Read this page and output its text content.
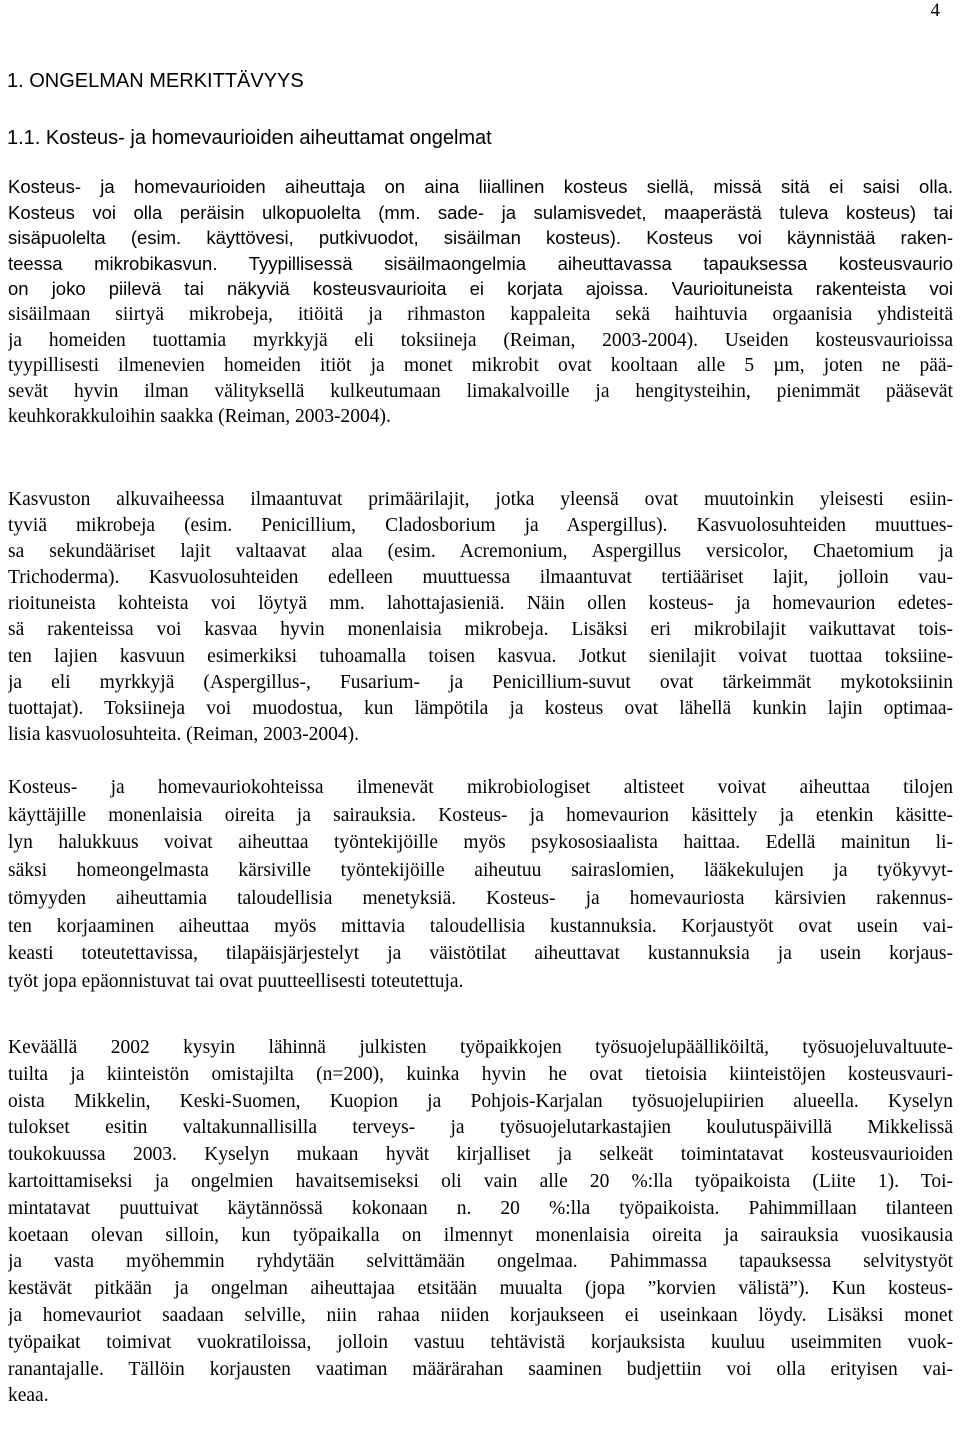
4
1. ONGELMAN MERKITTÄVYYS
1.1. Kosteus- ja homevaurioiden aiheuttamat ongelmat
Kosteus- ja homevaurioiden aiheuttaja on aina liiallinen kosteus siellä, missä sitä ei saisi olla.
Kosteus voi olla peräisin ulkopuolelta (mm. sade- ja sulamisvedet, maaperästä tuleva kosteus) tai
sisäpuolelta (esim. käyttövesi, putkivuodot, sisäilman kosteus). Kosteus voi käynnistää raken-
teessa mikrobikasvun. Tyypillisessä sisäilmaongelmia aiheuttavassa tapauksessa kosteusvaurio
on joko piilevä tai näkyviä kosteusvaurioita ei korjata ajoissa. Vaurioituneista rakenteista voi
sisäilmaan siirtyä mikrobeja, itiöitä ja rihmaston kappaleita sekä haihtuvia orgaanisia yhdisteitä
ja homeiden tuottamia myrkkyjä eli toksiineja (Reiman, 2003-2004). Useiden kosteusvaurioissa
tyypillisesti ilmenevien homeiden itiöt ja monet mikrobit ovat kooltaan alle 5 µm, joten ne pää-
sevät hyvin ilman välityksellä kulkeutumaan limakalvoille ja hengitysteihin, pienimmät pääsevät
keuhkorakkuloihin saakka (Reiman, 2003-2004).
Kasvuston alkuvaiheessa ilmaantuvat primäärilajit, jotka yleensä ovat muutoinkin yleisesti esiin-
tyviä mikrobeja (esim. Penicillium, Cladosborium ja Aspergillus). Kasvuolosuhteiden muuttues-
sa sekundääriset lajit valtaavat alaa (esim. Acremonium, Aspergillus versicolor, Chaetomium ja
Trichoderma). Kasvuolosuhteiden edelleen muuttuessa ilmaantuvat tertiääriset lajit, jolloin vau-
rioituneista kohteista voi löytyä mm. lahottajasieniä. Näin ollen kosteus- ja homevaurion edetes-
sä rakenteissa voi kasvaa hyvin monenlaisia mikrobeja. Lisäksi eri mikrobilajit vaikuttavat tois-
ten lajien kasvuun esimerkiksi tuhoamalla toisen kasvua. Jotkut sienilajit voivat tuottaa toksiine-
ja eli myrkkyjä (Aspergillus-, Fusarium- ja Penicillium-suvut ovat tärkeimmät mykotoksiinin
tuottajat). Toksiineja voi muodostua, kun lämpötila ja kosteus ovat lähellä kunkin lajin optimaa-
lisia kasvuolosuhteita. (Reiman, 2003-2004).
Kosteus- ja homevauriokohteissa ilmenevät mikrobiologiset altisteet voivat aiheuttaa tilojen
käyttäjille monenlaisia oireita ja sairauksia. Kosteus- ja homevaurion käsittely ja etenkin käsitte-
lyn halukkuus voivat aiheuttaa työntekijöille myös psykososiaalista haittaa. Edellä mainitun li-
säksi homeongelmasta kärsiville työntekijöille aiheutuu sairaslomien, lääkekulujen ja työkyvyt-
tömyyden aiheuttamia taloudellisia menetyksiä. Kosteus- ja homevauriosta kärsivien rakennus-
ten korjaaminen aiheuttaa myös mittavia taloudellisia kustannuksia. Korjaustyöt ovat usein vai-
keasti toteutettavissa, tilapäisjärjestelyt ja väistötilat aiheuttavat kustannuksia ja usein korjaus-
työt jopa epäonnistuvat tai ovat puutteellisesti toteutettuja.
Keväällä 2002 kysyin lähinnä julkisten työpaikkojen työsuojelupäälliköiltä, työsuojeluvaltuute-
tuilta ja kiinteistön omistajilta (n=200), kuinka hyvin he ovat tietoisia kiinteistöjen kosteusvauri-
oista Mikkelin, Keski-Suomen, Kuopion ja Pohjois-Karjalan työsuojelupiirien alueella. Kyselyn
tulokset esitin valtakunnallisilla terveys- ja työsuojelutarkastajien koulutuspäivillä Mikkelissä
toukokuussa 2003. Kyselyn mukaan hyvät kirjalliset ja selkeät toimintatavat kosteusvaurioiden
kartoittamiseksi ja ongelmien havaitsemiseksi oli vain alle 20 %:lla työpaikoista (Liite 1). Toi-
mintatavat puuttuivat käytännössä kokonaan n. 20 %:lla työpaikoista. Pahimmillaan tilanteen
koetaan olevan silloin, kun työpaikalla on ilmennyt monenlaisia oireita ja sairauksia vuosikausia
ja vasta myöhemmin ryhdytään selvittämään ongelmaa. Pahimmassa tapauksessa selvitystyöt
kestävät pitkään ja ongelman aiheuttajaa etsitään muualta (jopa ”korvien välistä”). Kun kosteus-
ja homevauriot saadaan selville, niin rahaa niiden korjaukseen ei useinkaan löydy. Lisäksi monet
työpaikat toimivat vuokratiloissa, jolloin vastuu tehtävistä korjauksista kuuluu useimmiten vuok-
ranantajalle. Tällöin korjausten vaatiman määrärahan saaminen budjettiin voi olla erityisen vai-
keaa.
